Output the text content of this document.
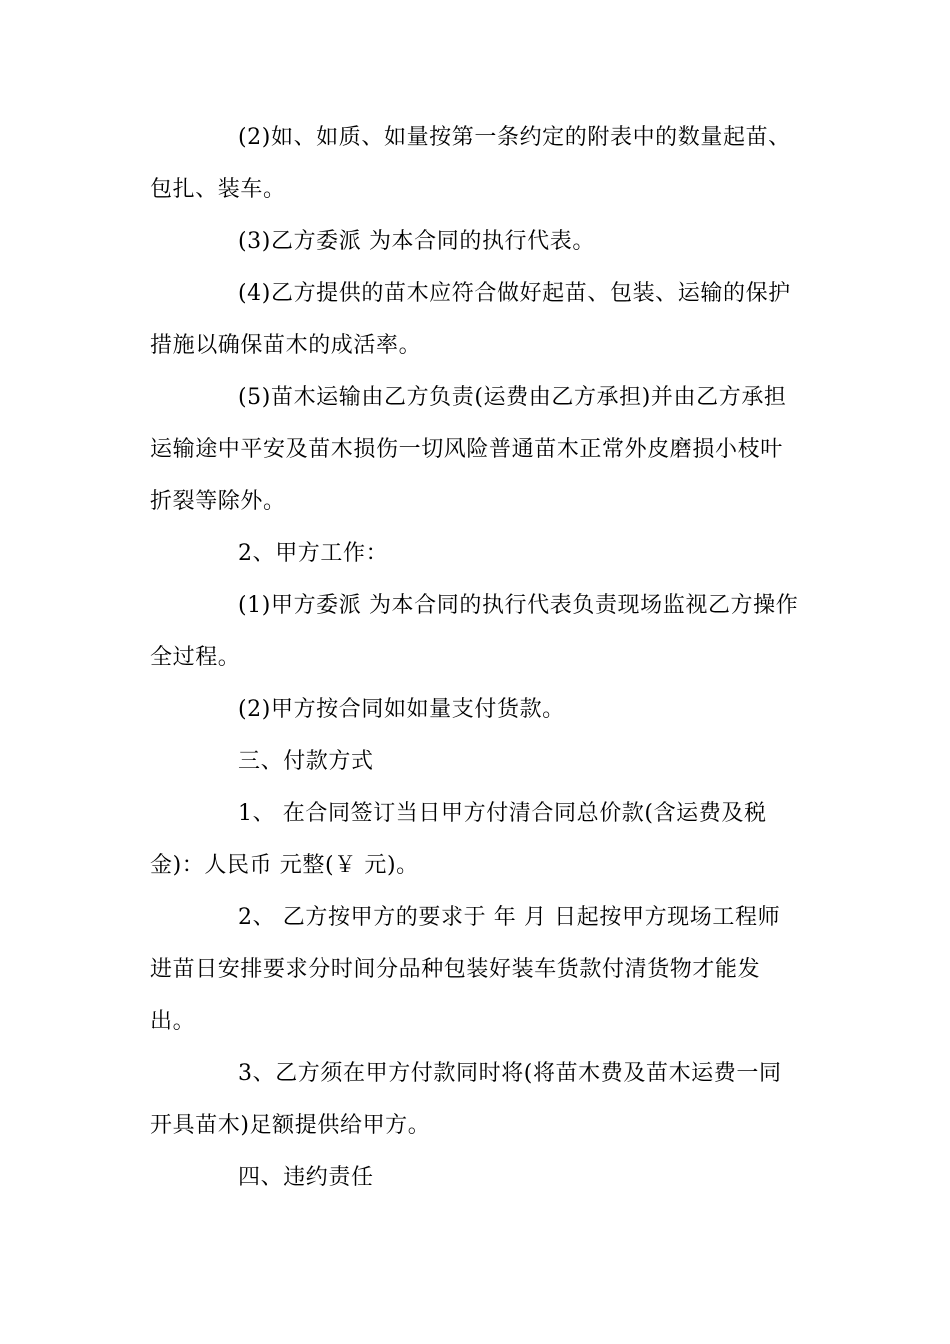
(2)如、如质、如量按第一条约定的附表中的数量起苗、包扎、装车。

(3)乙方委派 为本合同的执行代表。

(4)乙方提供的苗木应符合做好起苗、包装、运输的保护措施以确保苗木的成活率。

(5)苗木运输由乙方负责(运费由乙方承担)并由乙方承担运输途中平安及苗木损伤一切风险普通苗木正常外皮磨损小枝叶折裂等除外。

2、甲方工作：

(1)甲方委派 为本合同的执行代表负责现场监视乙方操作全过程。

(2)甲方按合同如如量支付货款。

三、付款方式

1、 在合同签订当日甲方付清合同总价款(含运费及税金)：人民币 元整(￥ 元)。

2、 乙方按甲方的要求于 年 月 日起按甲方现场工程师进苗日安排要求分时间分品种包装好装车货款付清货物才能发出。

3、乙方须在甲方付款同时将(将苗木费及苗木运费一同开具苗木)足额提供给甲方。

四、违约责任
